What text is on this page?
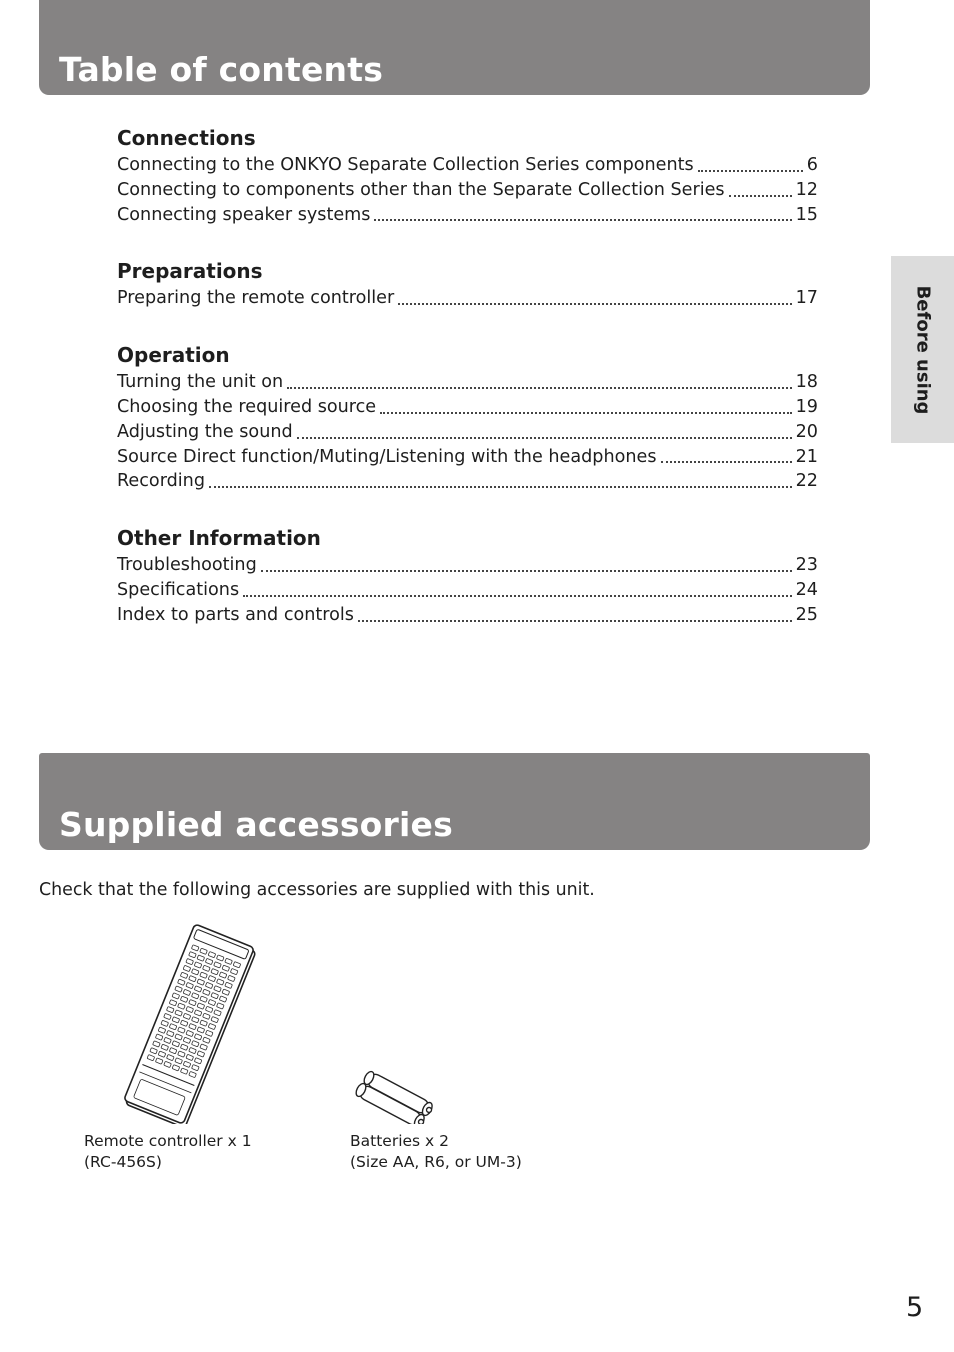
Table of contents
Before using
Connections
Connecting to the ONKYO Separate Collection Series components	6
Connecting to components other than the Separate Collection Series	12
Connecting speaker systems	15
Preparations
Preparing the remote controller	17
Operation
Turning the unit on	18
Choosing the required source	19
Adjusting the sound	20
Source Direct function/Muting/Listening with the headphones	21
Recording	22
Other Information
Troubleshooting	23
Specifications	24
Index to parts and controls	25
Supplied accessories
Check that the following accessories are supplied with this unit.
Remote controller x 1
(RC-456S)
Batteries x 2
(Size AA, R6, or UM-3)
5
